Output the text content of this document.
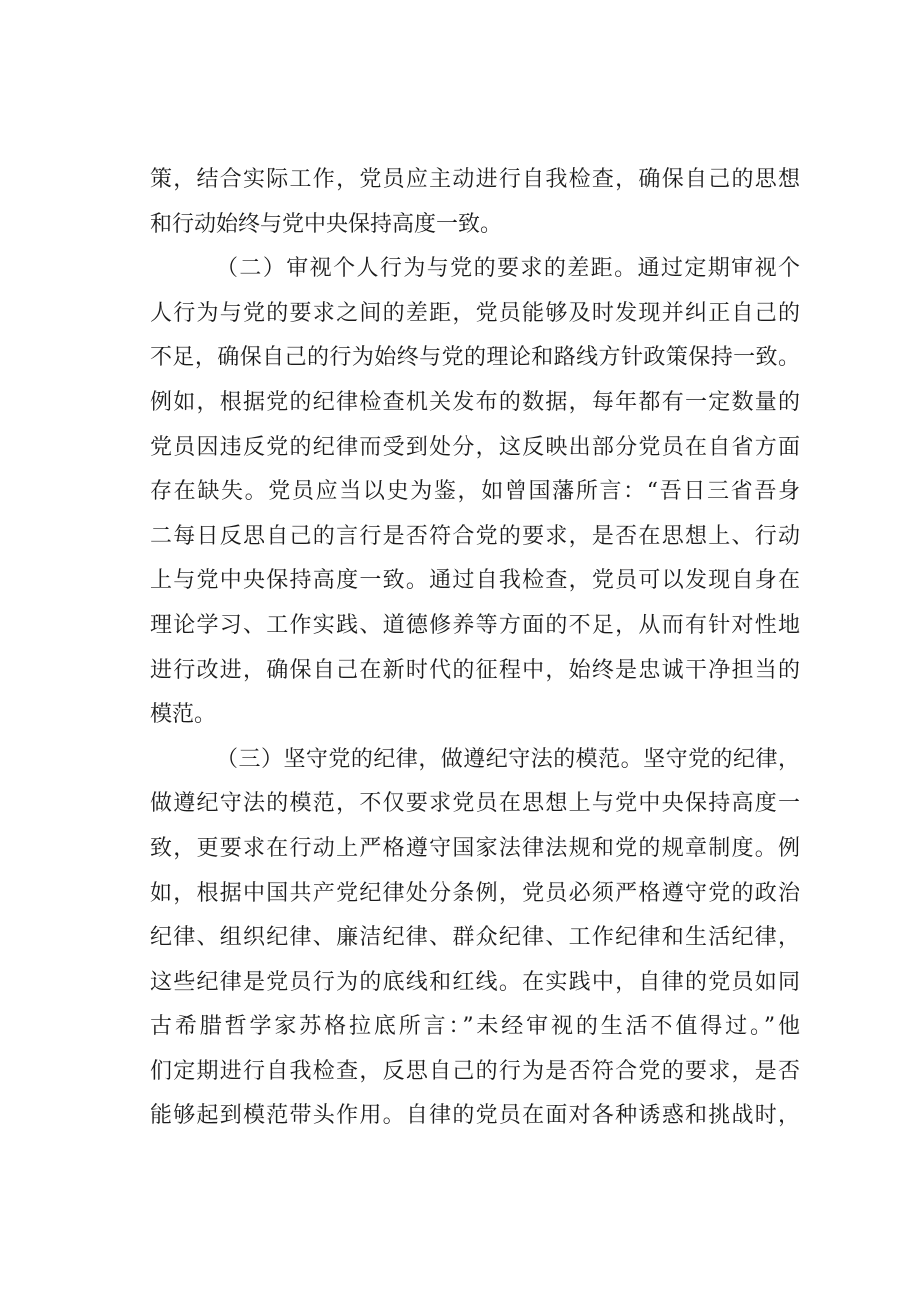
策，结合实际工作，党员应主动进行自我检查，确保自己的思想
和行动始终与党中央保持高度一致。
（二）审视个人行为与党的要求的差距。通过定期审视个
人行为与党的要求之间的差距，党员能够及时发现并纠正自己的
不足，确保自己的行为始终与党的理论和路线方针政策保持一致。
例如，根据党的纪律检查机关发布的数据，每年都有一定数量的
党员因违反党的纪律而受到处分，这反映出部分党员在自省方面
存在缺失。党员应当以史为鉴，如曾国藩所言：“吾日三省吾身
二每日反思自己的言行是否符合党的要求，是否在思想上、行动
上与党中央保持高度一致。通过自我检查，党员可以发现自身在
理论学习、工作实践、道德修养等方面的不足，从而有针对性地
进行改进，确保自己在新时代的征程中，始终是忠诚干净担当的
模范。
（三）坚守党的纪律，做遵纪守法的模范。坚守党的纪律，
做遵纪守法的模范，不仅要求党员在思想上与党中央保持高度一
致，更要求在行动上严格遵守国家法律法规和党的规章制度。例
如，根据中国共产党纪律处分条例，党员必须严格遵守党的政治
纪律、组织纪律、廉洁纪律、群众纪律、工作纪律和生活纪律，
这些纪律是党员行为的底线和红线。在实践中，自律的党员如同
古希腊哲学家苏格拉底所言：”未经审视的生活不值得过。”他
们定期进行自我检查，反思自己的行为是否符合党的要求，是否
能够起到模范带头作用。自律的党员在面对各种诱惑和挑战时，
